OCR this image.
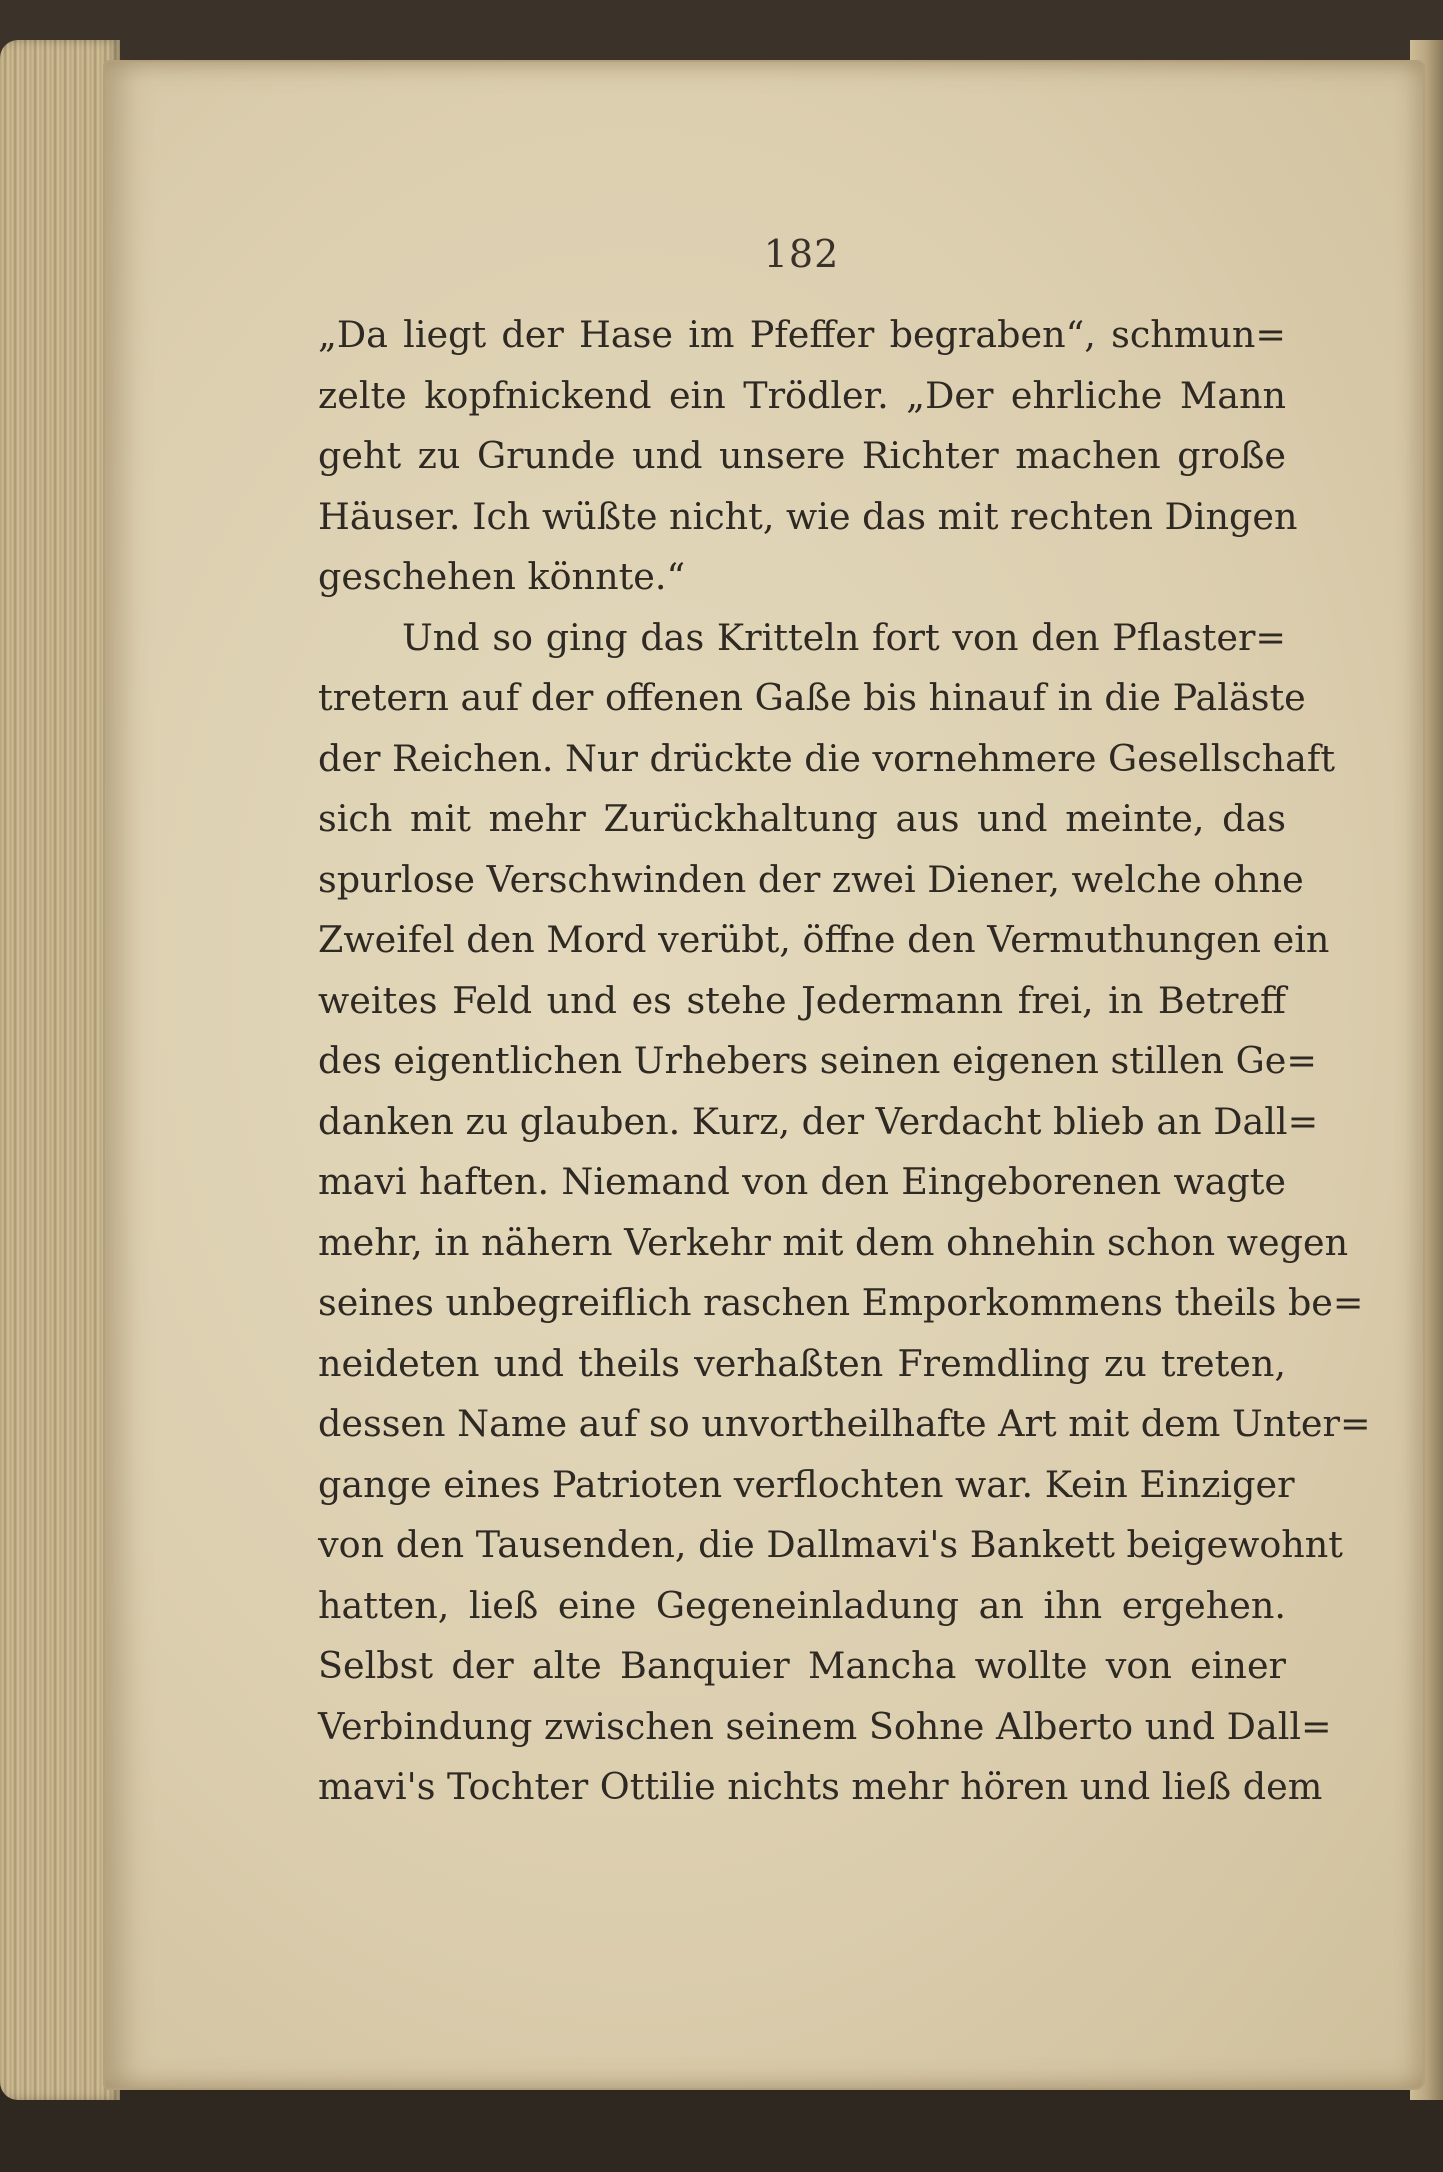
182
„Da liegt der Hase im Pfeffer begraben“, schmun=
zelte kopfnickend ein Trödler. „Der ehrliche Mann
geht zu Grunde und unsere Richter machen große
Häuser. Ich wüßte nicht, wie das mit rechten Dingen
geschehen könnte.“
Und so ging das Kritteln fort von den Pflaster=
tretern auf der offenen Gaße bis hinauf in die Paläste
der Reichen. Nur drückte die vornehmere Gesellschaft
sich mit mehr Zurückhaltung aus und meinte, das
spurlose Verschwinden der zwei Diener, welche ohne
Zweifel den Mord verübt, öffne den Vermuthungen ein
weites Feld und es stehe Jedermann frei, in Betreff
des eigentlichen Urhebers seinen eigenen stillen Ge=
danken zu glauben. Kurz, der Verdacht blieb an Dall=
mavi haften. Niemand von den Eingeborenen wagte
mehr, in nähern Verkehr mit dem ohnehin schon wegen
seines unbegreiflich raschen Emporkommens theils be=
neideten und theils verhaßten Fremdling zu treten,
dessen Name auf so unvortheilhafte Art mit dem Unter=
gange eines Patrioten verflochten war. Kein Einziger
von den Tausenden, die Dallmavi's Bankett beigewohnt
hatten, ließ eine Gegeneinladung an ihn ergehen.
Selbst der alte Banquier Mancha wollte von einer
Verbindung zwischen seinem Sohne Alberto und Dall=
mavi's Tochter Ottilie nichts mehr hören und ließ dem
